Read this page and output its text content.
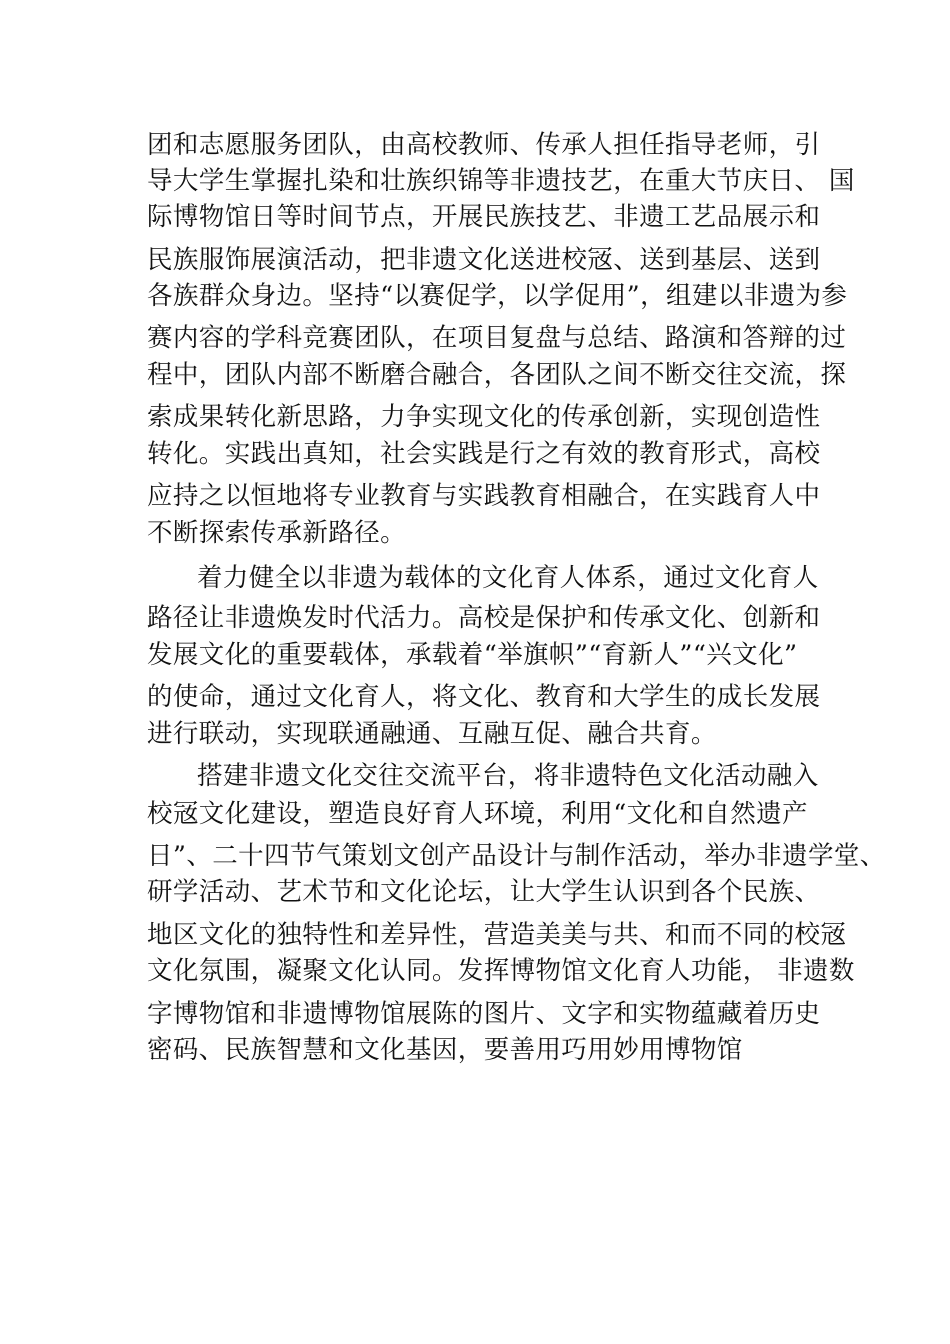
团和志愿服务团队，由高校教师、传承人担任指导老师，引
导大学生掌握扎染和壮族织锦等非遗技艺，在重大节庆日、 国
际博物馆日等时间节点，开展民族技艺、非遗工艺品展示和
民族服饰展演活动，把非遗文化送进校㓂、送到基层、送到
各族群众身边。坚持“以赛促学，以学促用”，组建以非遗为参
赛内容的学科竞赛团队，在项目复盘与总结、路演和答辩的过
程中，团队内部不断磨合融合，各团队之间不断交往交流，探
索成果转化新思路，力争实现文化的传承创新，实现创造性
转化。实践出真知，社会实践是行之有效的教育形式，高校
应持之以恒地将专业教育与实践教育相融合，在实践育人中
不断探索传承新路径。
着力健全以非遗为载体的文化育人体系，通过文化育人
路径让非遗焕发时代活力。高校是保护和传承文化、创新和
发展文化的重要载体，承载着“举旗帜”“育新人”“兴文化”
的使命，通过文化育人，将文化、教育和大学生的成长发展
进行联动，实现联通融通、互融互促、融合共育。
搭建非遗文化交往交流平台，将非遗特色文化活动融入
校㓂文化建设，塑造良好育人环境，利用“文化和自然遗产
日”、二十四节气策划文创产品设计与制作活动，举办非遗学堂、
研学活动、艺术节和文化论坛，让大学生认识到各个民族、
地区文化的独特性和差异性，营造美美与共、和而不同的校㓂
文化氛围，凝聚文化认同。发挥博物馆文化育人功能， 非遗数
字博物馆和非遗博物馆展陈的图片、文字和实物蕴藏着历史
密码、民族智慧和文化基因，要善用巧用妙用博物馆
